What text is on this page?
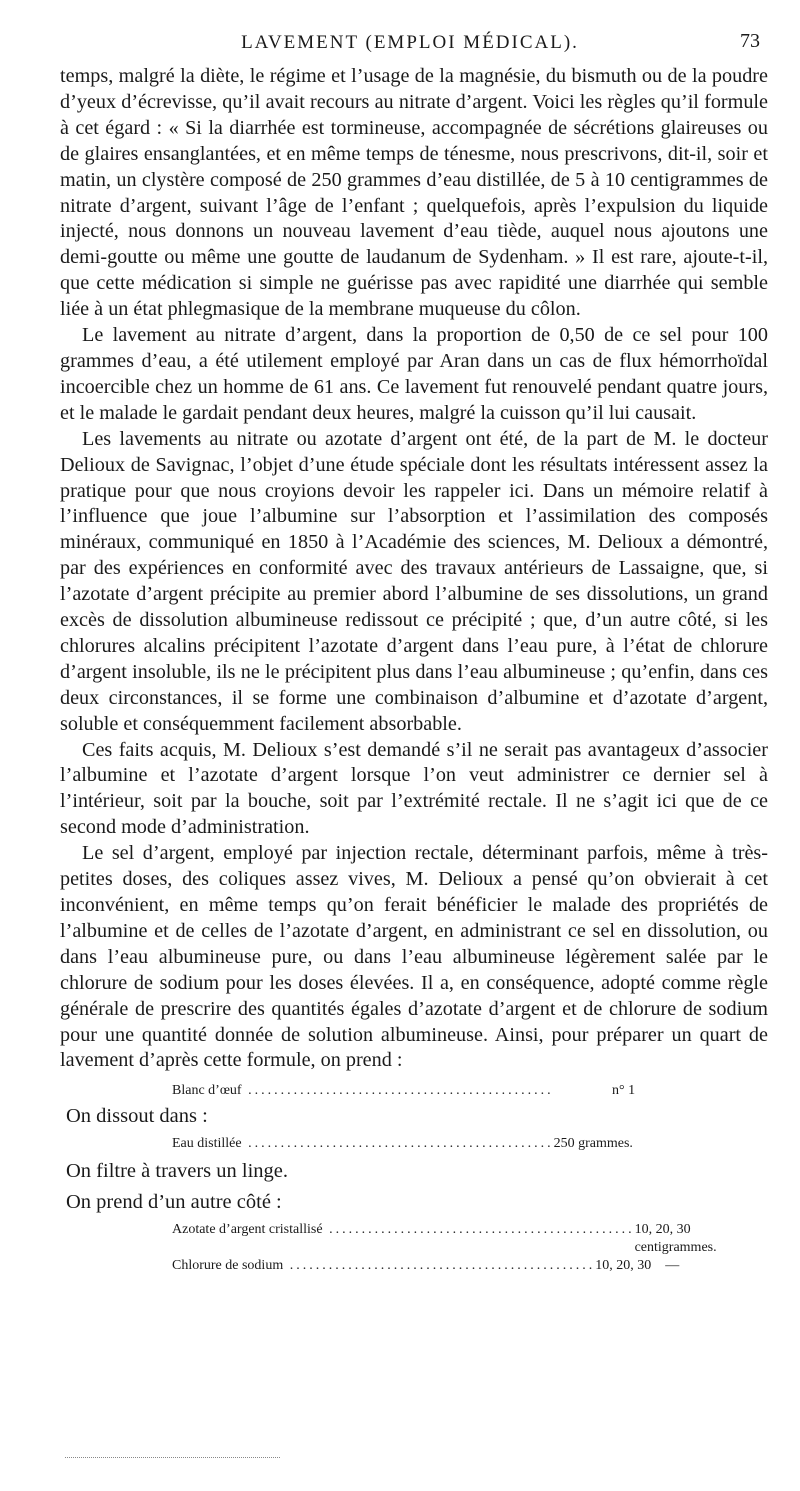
LAVEMENT (EMPLOI MÉDICAL).	73

temps, malgré la diète, le régime et l’usage de la magnésie, du bismuth ou de la poudre d’yeux d’écrevisse, qu’il avait recours au nitrate d’argent. Voici les règles qu’il formule à cet égard : « Si la diarrhée est tormineuse, accompagnée de sécrétions glaireuses ou de glaires ensanglantées, et en même temps de ténesme, nous prescrivons, dit-il, soir et matin, un clystère composé de 250 grammes d’eau distillée, de 5 à 10 centigrammes de nitrate d’argent, suivant l’âge de l’enfant ; quelquefois, après l’expulsion du liquide injecté, nous donnons un nouveau lavement d’eau tiède, auquel nous ajoutons une demi-goutte ou même une goutte de laudanum de Sydenham. » Il est rare, ajoute-t-il, que cette médication si simple ne guérisse pas avec rapidité une diarrhée qui semble liée à un état phlegmasique de la membrane muqueuse du côlon.

Le lavement au nitrate d’argent, dans la proportion de 0,50 de ce sel pour 100 grammes d’eau, a été utilement employé par Aran dans un cas de flux hémorrhoïdal incoercible chez un homme de 61 ans. Ce lavement fut renouvelé pendant quatre jours, et le malade le gardait pendant deux heures, malgré la cuisson qu’il lui causait.

Les lavements au nitrate ou azotate d’argent ont été, de la part de M. le docteur Delioux de Savignac, l’objet d’une étude spéciale dont les résultats intéressent assez la pratique pour que nous croyions devoir les rappeler ici. Dans un mémoire relatif à l’influence que joue l’albumine sur l’absorption et l’assimilation des composés minéraux, communiqué en 1850 à l’Académie des sciences, M. Delioux a démontré, par des expériences en conformité avec des travaux antérieurs de Lassaigne, que, si l’azotate d’argent précipite au premier abord l’albumine de ses dissolutions, un grand excès de dissolution albumineuse redissout ce précipité ; que, d’un autre côté, si les chlorures alcalins précipitent l’azotate d’argent dans l’eau pure, à l’état de chlorure d’argent insoluble, ils ne le précipitent plus dans l’eau albumineuse ; qu’enfin, dans ces deux circonstances, il se forme une combinaison d’albumine et d’azotate d’argent, soluble et conséquemment facilement absorbable.

Ces faits acquis, M. Delioux s’est demandé s’il ne serait pas avantageux d’associer l’albumine et l’azotate d’argent lorsque l’on veut administrer ce dernier sel à l’intérieur, soit par la bouche, soit par l’extrémité rectale. Il ne s’agit ici que de ce second mode d’administration.

Le sel d’argent, employé par injection rectale, déterminant parfois, même à très-petites doses, des coliques assez vives, M. Delioux a pensé qu’on obvierait à cet inconvénient, en même temps qu’on ferait bénéficier le malade des propriétés de l’albumine et de celles de l’azotate d’argent, en administrant ce sel en dissolution, ou dans l’eau albumineuse pure, ou dans l’eau albumineuse légèrement salée par le chlorure de sodium pour les doses élevées. Il a, en conséquence, adopté comme règle générale de prescrire des quantités égales d’azotate d’argent et de chlorure de sodium pour une quantité donnée de solution albumineuse. Ainsi, pour préparer un quart de lavement d’après cette formule, on prend :

Blanc d’œuf ...............................................	n° 1
On dissout dans :
Eau distillée ............................................... 250 grammes.
On filtre à travers un linge.
On prend d’un autre côté :
Azotate d’argent cristallisé ............................................... 10, 20, 30 centigrammes.
Chlorure de sodium ............................................... 10, 20, 30    —
